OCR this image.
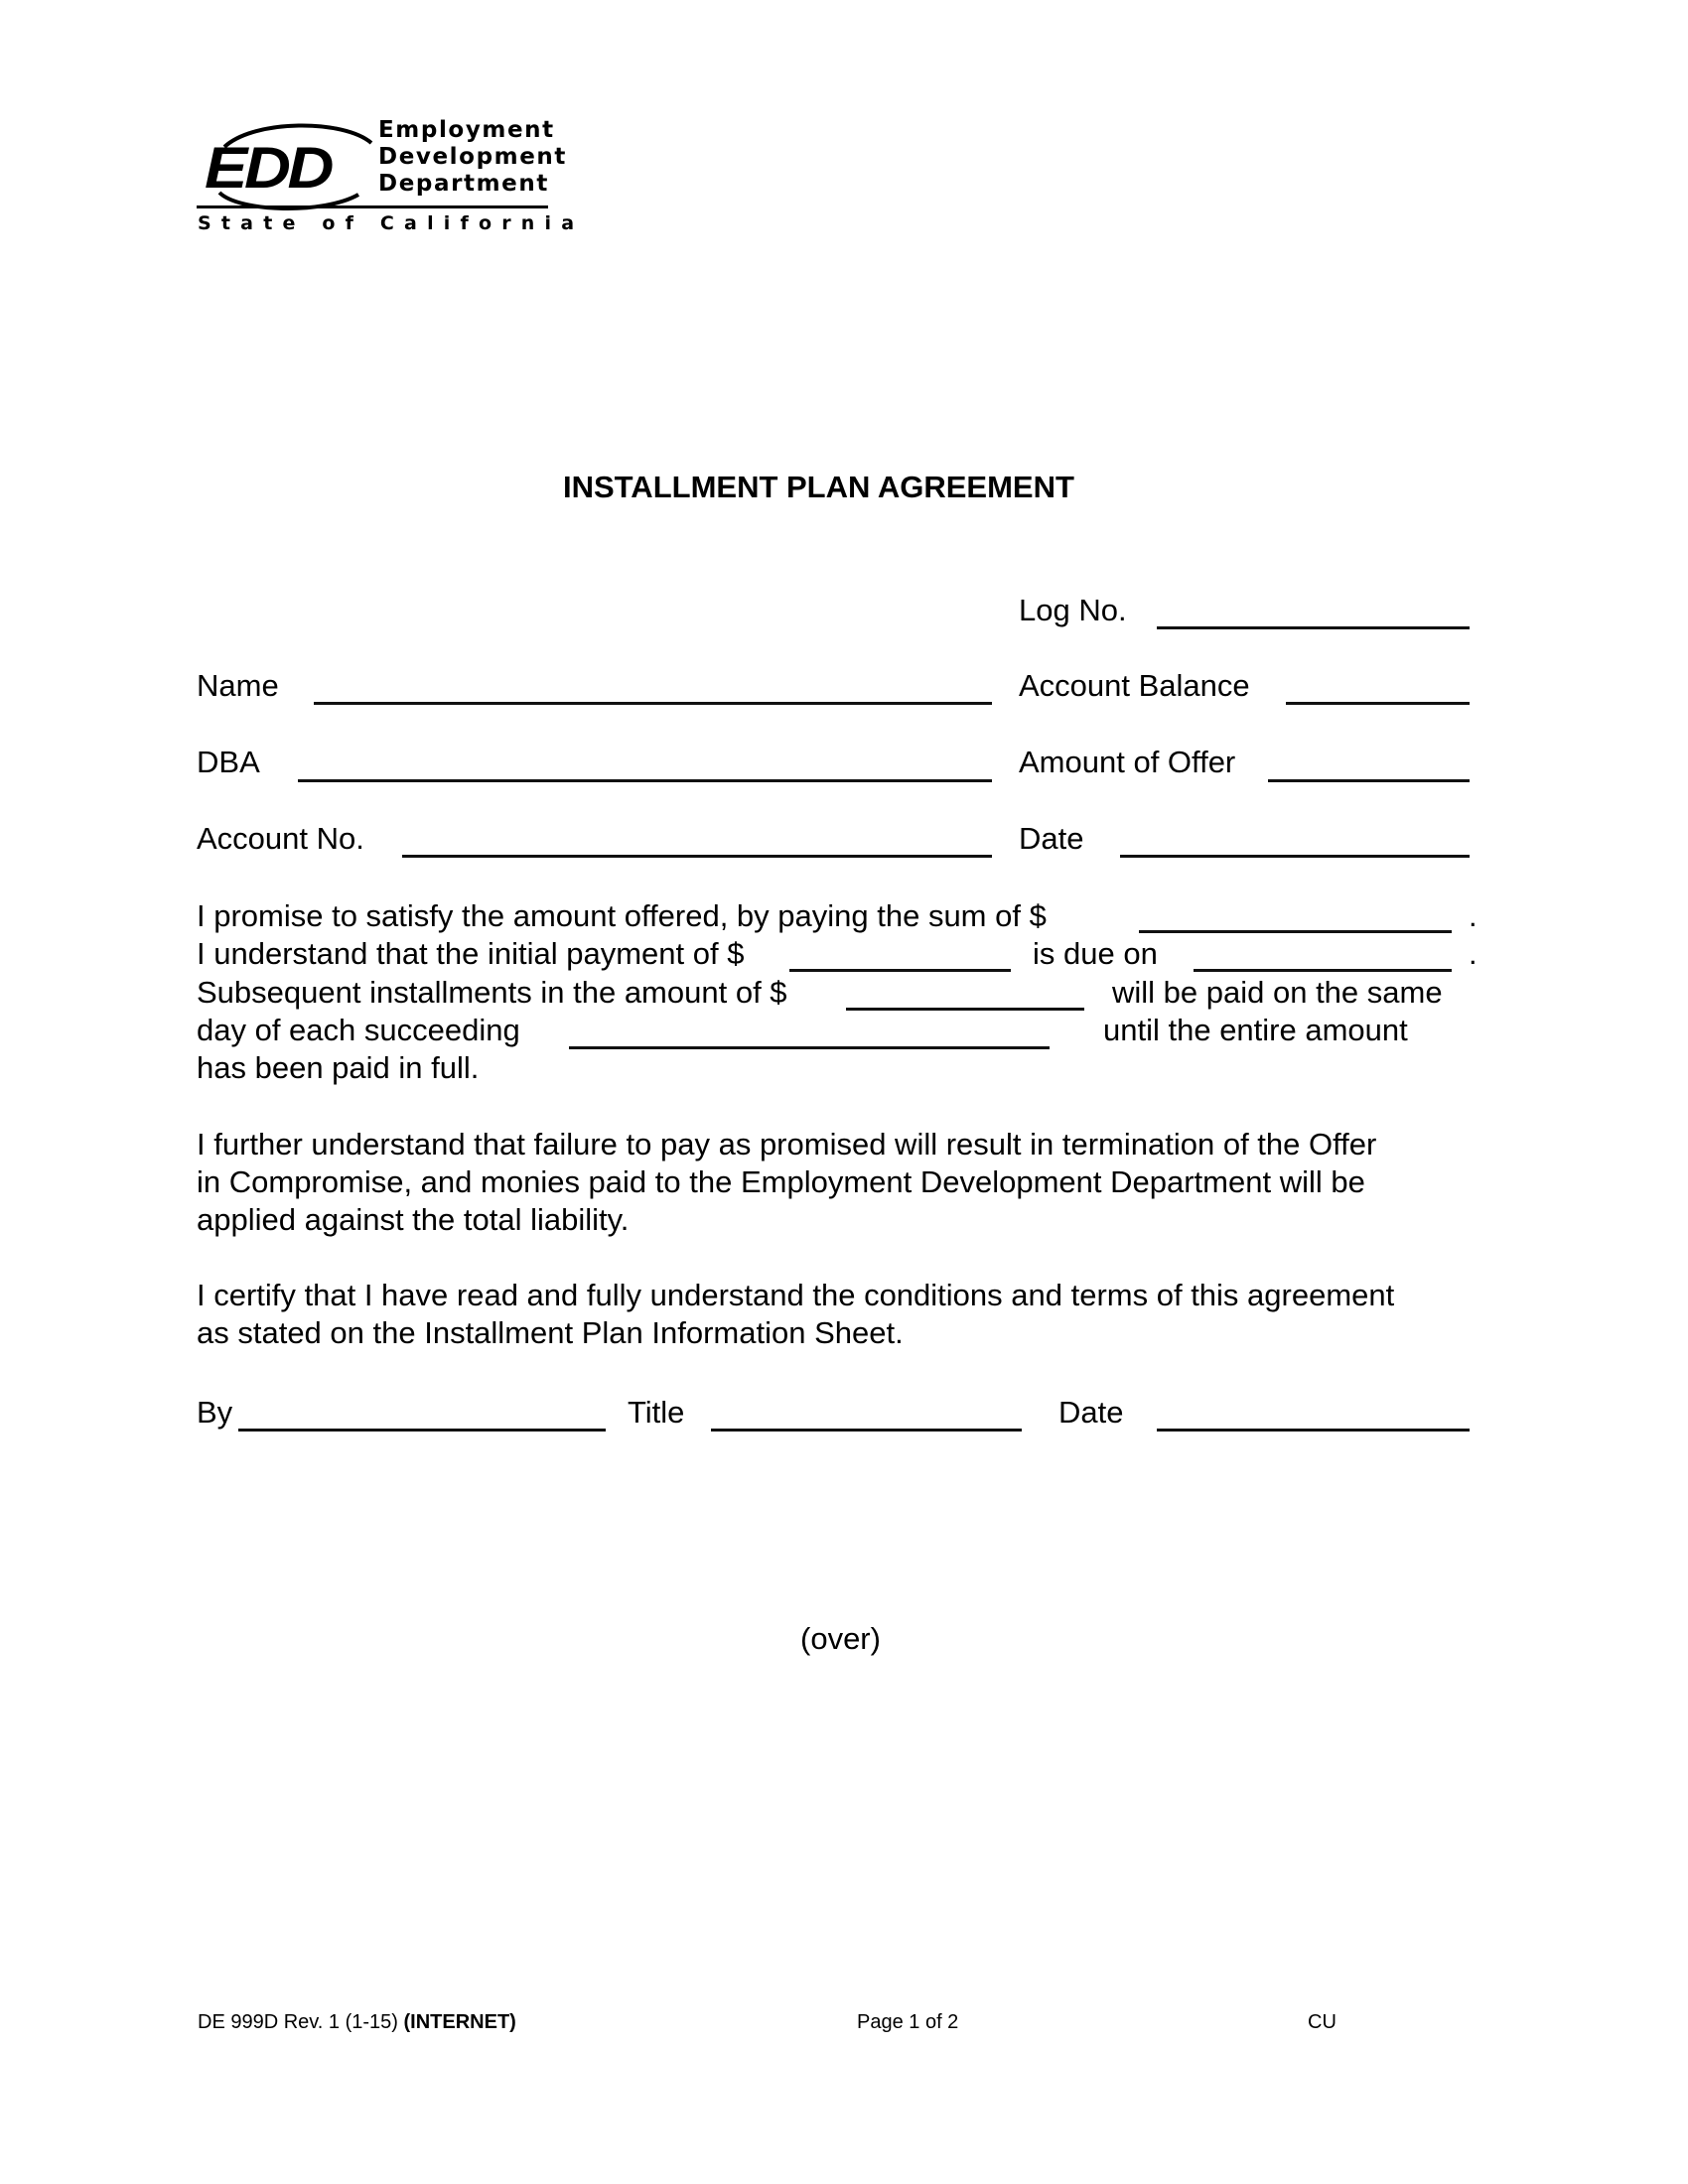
EDD
Employment
Development
Department
State of California
INSTALLMENT PLAN AGREEMENT
Log No.
Name	Account Balance
DBA	Amount of Offer
Account No.	Date
I promise to satisfy the amount offered, by paying the sum of $	.
I understand that the initial payment of $	is due on	.
Subsequent installments in the amount of $	will be paid on the same
day of each succeeding	until the entire amount
has been paid in full.
I further understand that failure to pay as promised will result in termination of the Offer
in Compromise, and monies paid to the Employment Development Department will be
applied against the total liability.
I certify that I have read and fully understand the conditions and terms of this agreement
as stated on the Installment Plan Information Sheet.
By	Title	Date
(over)
DE 999D Rev. 1 (1-15) (INTERNET)	Page 1 of 2	CU
